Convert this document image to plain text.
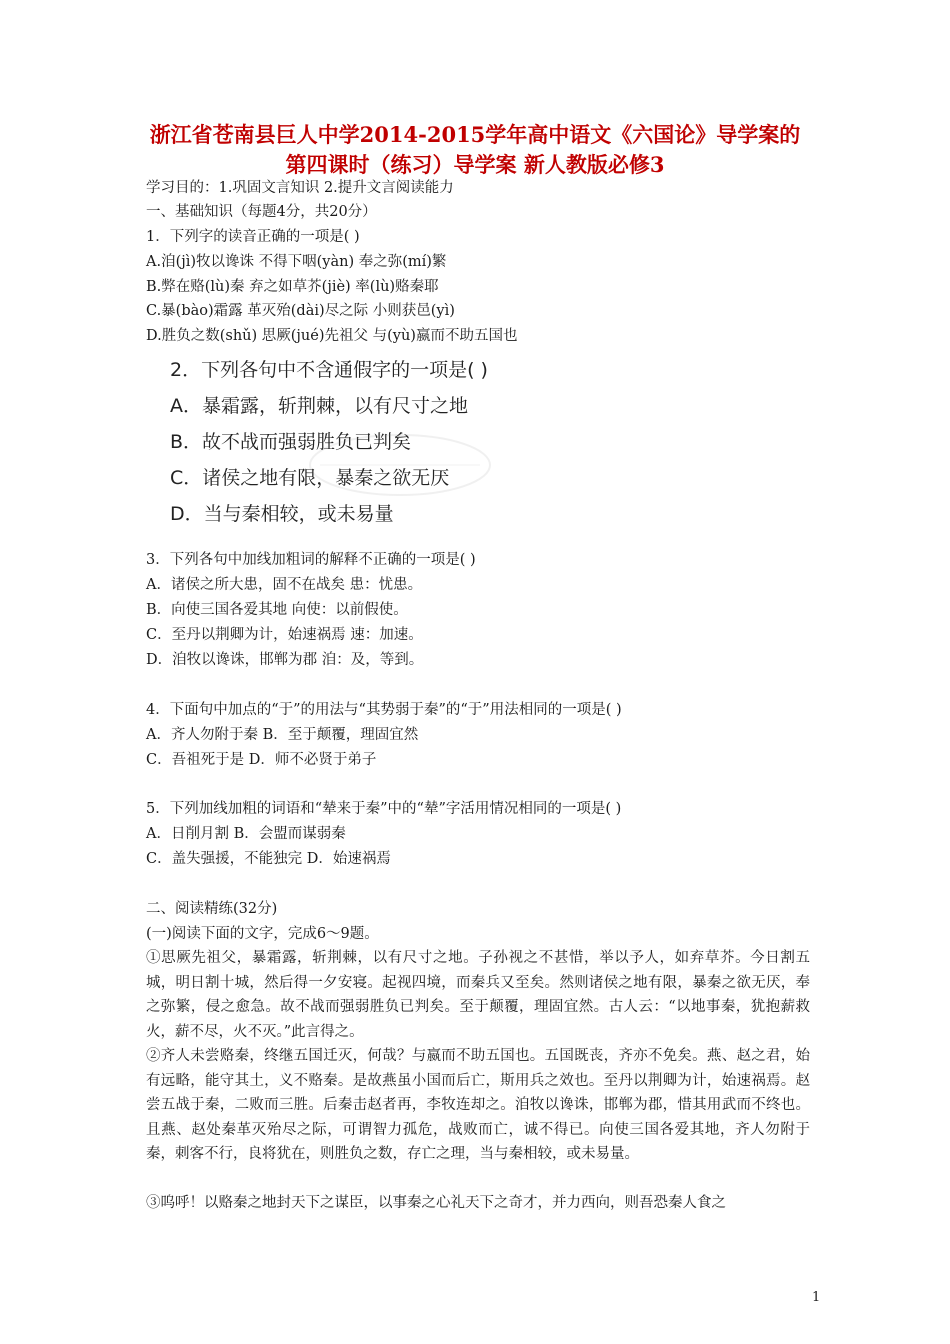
浙江省苍南县巨人中学2014-2015学年高中语文《六国论》导学案的
第四课时（练习）导学案 新人教版必修3
学习目的：1.巩固文言知识 2.提升文言阅读能力
一、基础知识（每题4分，共20分）
1．下列字的读音正确的一项是( )
A.洎(jì)牧以谗诛 不得下咽(yàn) 奉之弥(mí)繁
B.弊在赂(lù)秦 弃之如草芥(jiè) 率(lù)赂秦耶
C.暴(bào)霜露 革灭殆(dài)尽之际 小则获邑(yì)
D.胜负之数(shǔ) 思厥(jué)先祖父 与(yù)嬴而不助五国也
2．下列各句中不含通假字的一项是( )
A．暴霜露，斩荆棘，以有尺寸之地
B．故不战而强弱胜负已判矣
C．诸侯之地有限，暴秦之欲无厌
D．当与秦相较，或未易量
3．下列各句中加线加粗词的解释不正确的一项是( )
A．诸侯之所大患，固不在战矣 患：忧患。
B．向使三国各爱其地 向使：以前假使。
C．至丹以荆卿为计，始速祸焉 速：加速。
D．洎牧以谗诛，邯郸为郡 洎：及，等到。
4．下面句中加点的“于”的用法与“其势弱于秦”的“于”用法相同的一项是( )
A．齐人勿附于秦 B．至于颠覆，理固宜然
C．吾祖死于是 D．师不必贤于弟子
5．下列加线加粗的词语和“辇来于秦”中的“辇”字活用情况相同的一项是( )
A．日削月割 B．会盟而谋弱秦
C．盖失强援，不能独完 D．始速祸焉
二、阅读精练(32分)
(一)阅读下面的文字，完成6～9题。
①思厥先祖父，暴霜露，斩荆棘，以有尺寸之地。子孙视之不甚惜，举以予人，如弃草芥。今日割五城，明日割十城，然后得一夕安寝。起视四境，而秦兵又至矣。然则诸侯之地有限，暴秦之欲无厌，奉之弥繁，侵之愈急。故不战而强弱胜负已判矣。至于颠覆，理固宜然。古人云：“以地事秦，犹抱薪救火，薪不尽，火不灭。”此言得之。
②齐人未尝赂秦，终继五国迁灭，何哉？与嬴而不助五国也。五国既丧，齐亦不免矣。燕、赵之君，始有远略，能守其土，义不赂秦。是故燕虽小国而后亡，斯用兵之效也。至丹以荆卿为计，始速祸焉。赵尝五战于秦，二败而三胜。后秦击赵者再，李牧连却之。洎牧以谗诛，邯郸为郡，惜其用武而不终也。且燕、赵处秦革灭殆尽之际，可谓智力孤危，战败而亡，诚不得已。向使三国各爱其地，齐人勿附于秦，刺客不行，良将犹在，则胜负之数，存亡之理，当与秦相较，或未易量。
③呜呼！以赂秦之地封天下之谋臣，以事秦之心礼天下之奇才，并力西向，则吾恐秦人食之
1
